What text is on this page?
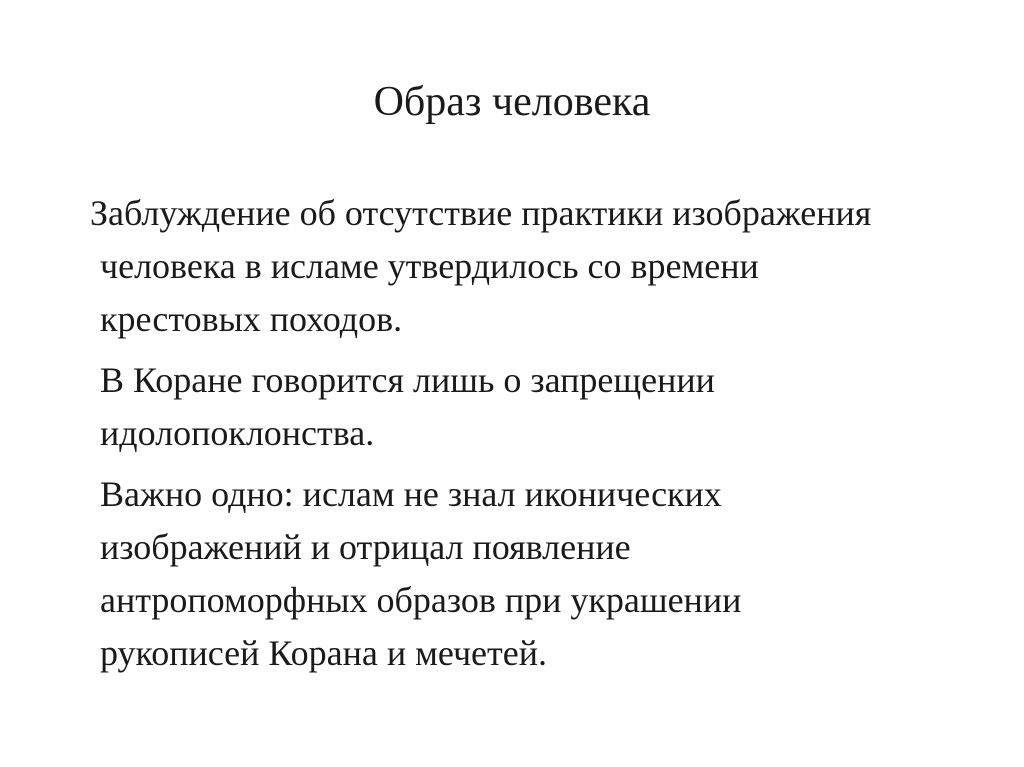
Образ человека

Заблуждение об отсутствие практики изображения
человека в исламе утвердилось со времени
крестовых походов.

В Коране говорится лишь о запрещении
идолопоклонства.

Важно одно: ислам не знал иконических
изображений и отрицал появление
антропоморфных образов при украшении
рукописей Корана и мечетей.
